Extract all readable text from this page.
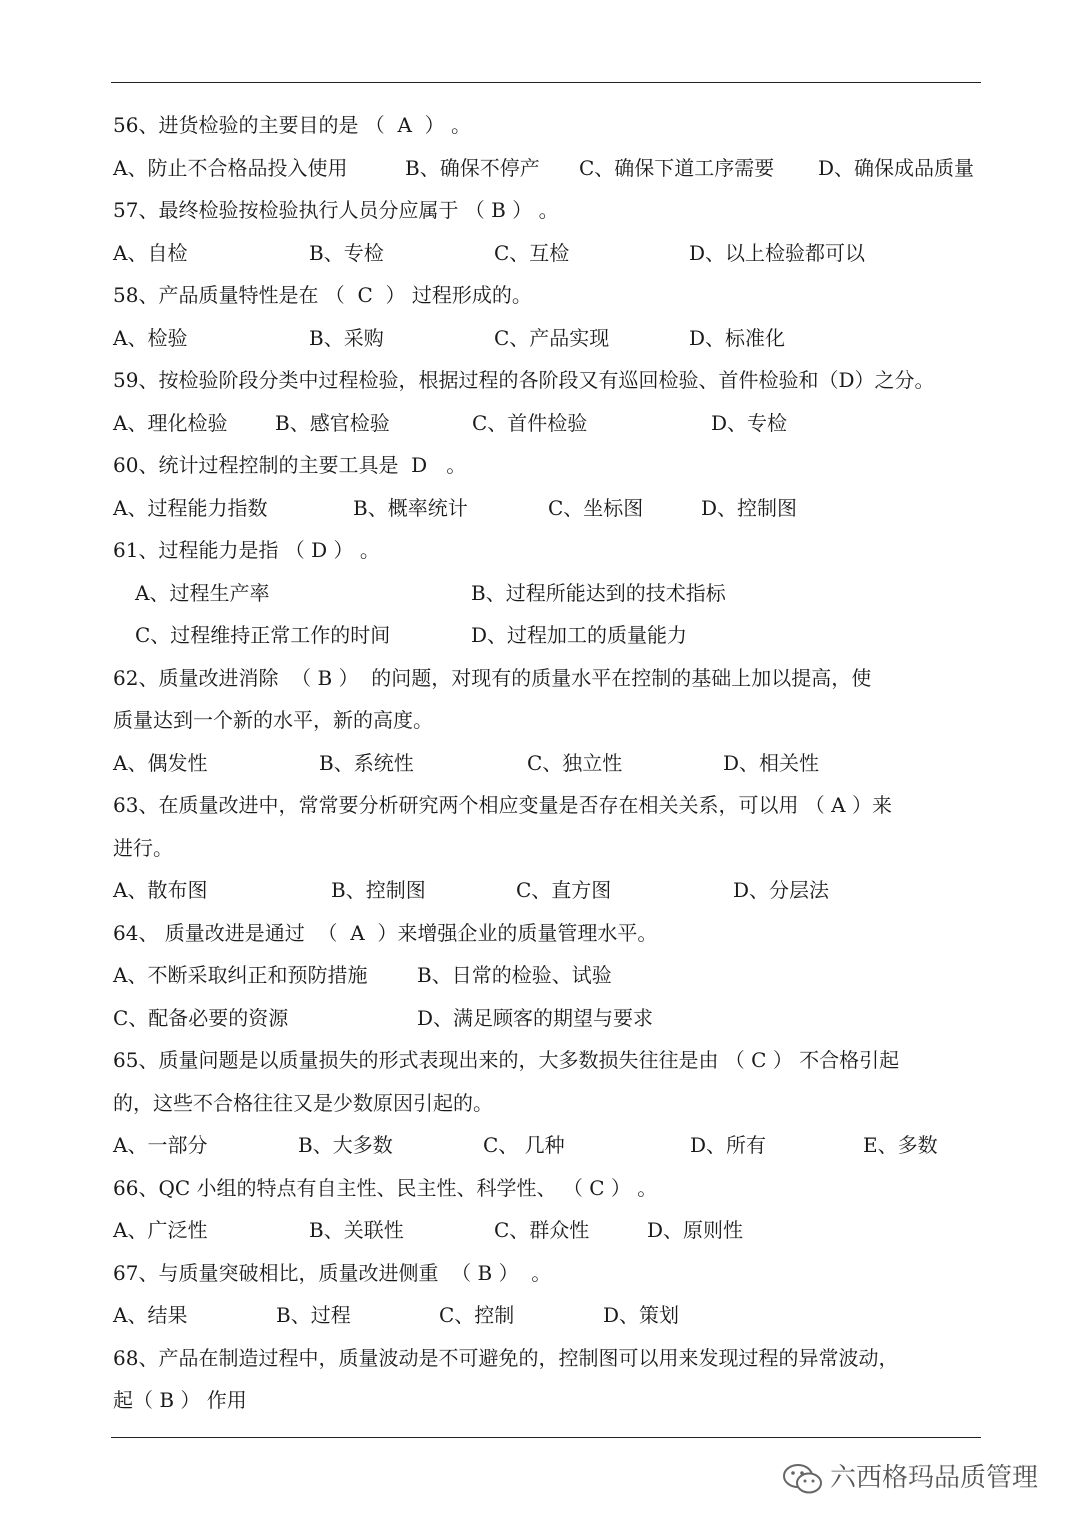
56、进货检验的主要目的是 （  A  ） 。
A、防止不合格品投入使用	B、确保不停产 C、确保下道工序需要 D、确保成品质量
57、最终检验按检验执行人员分应属于 （ B ） 。
A、自检	B、专检	C、互检	D、以上检验都可以
58、产品质量特性是在 （  C  ） 过程形成的。
A、检验	B、采购	C、产品实现	D、标准化
59、按检验阶段分类中过程检验，根据过程的各阶段又有巡回检验、首件检验和（D）之分。
A、理化检验 B、感官检验	C、首件检验	D、专检
60、统计过程控制的主要工具是  D   。
A、过程能力指数	B、概率统计	C、坐标图	D、控制图
61、过程能力是指 （ D ） 。
A、过程生产率	B、过程所能达到的技术指标
C、过程维持正常工作的时间	D、过程加工的质量能力
62、质量改进消除  （ B ）  的问题，对现有的质量水平在控制的基础上加以提高，使
质量达到一个新的水平，新的高度。
A、偶发性	B、系统性	C、独立性	D、相关性
63、在质量改进中，常常要分析研究两个相应变量是否存在相关关系，可以用 （ A ）来
进行。
A、散布图	B、控制图	C、直方图	D、分层法
64、 质量改进是通过  （  A  ）来增强企业的质量管理水平。
A、不断采取纠正和预防措施 B、日常的检验、试验
C、配备必要的资源	D、满足顾客的期望与要求
65、质量问题是以质量损失的形式表现出来的，大多数损失往往是由 （ C ） 不合格引起
的，这些不合格往往又是少数原因引起的。
A、一部分	B、大多数	C、 几种	D、所有	E、多数
66、QC 小组的特点有自主性、民主性、科学性、 （ C ） 。
A、广泛性	B、关联性	C、群众性	D、原则性
67、与质量突破相比，质量改进侧重  （ B ）  。
A、结果	B、过程	C、控制	D、策划
68、产品在制造过程中，质量波动是不可避免的，控制图可以用来发现过程的异常波动，
起（ B ） 作用
六西格玛品质管理
